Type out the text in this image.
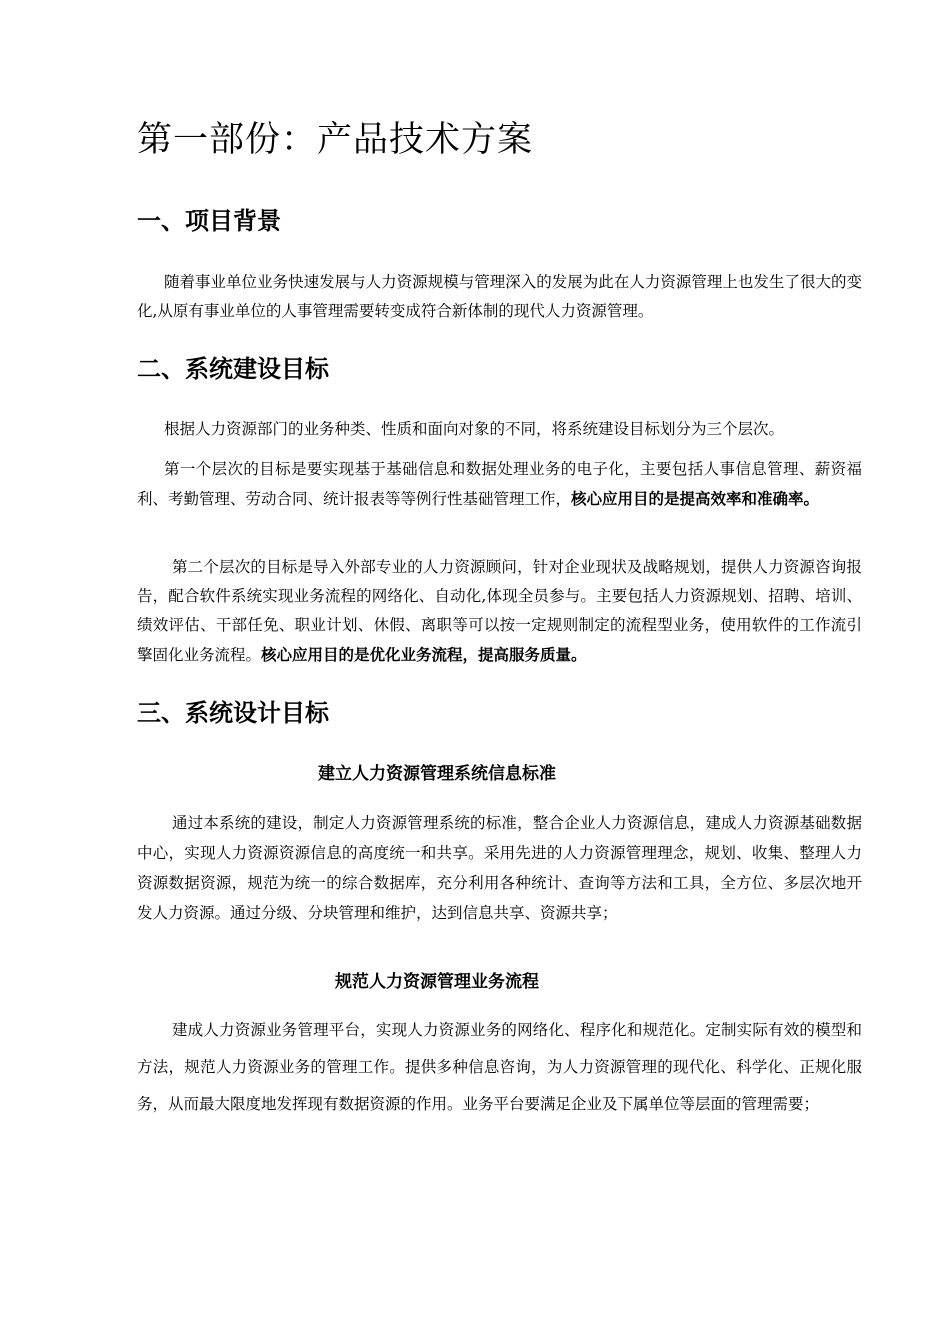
第一部份：产品技术方案
一、项目背景

随着事业单位业务快速发展与人力资源规模与管理深入的发展为此在人力资源管理上也发生了很大的变化,从原有事业单位的人事管理需要转变成符合新体制的现代人力资源管理。

二、系统建设目标

根据人力资源部门的业务种类、性质和面向对象的不同，将系统建设目标划分为三个层次。

第一个层次的目标是要实现基于基础信息和数据处理业务的电子化，主要包括人事信息管理、薪资福利、考勤管理、劳动合同、统计报表等等例行性基础管理工作，核心应用目的是提高效率和准确率。

第二个层次的目标是导入外部专业的人力资源顾问，针对企业现状及战略规划，提供人力资源咨询报告，配合软件系统实现业务流程的网络化、自动化,体现全员参与。主要包括人力资源规划、招聘、培训、绩效评估、干部任免、职业计划、休假、离职等可以按一定规则制定的流程型业务，使用软件的工作流引擎固化业务流程。核心应用目的是优化业务流程，提高服务质量。

三、系统设计目标
建立人力资源管理系统信息标准

通过本系统的建设，制定人力资源管理系统的标准，整合企业人力资源信息，建成人力资源基础数据中心，实现人力资源资源信息的高度统一和共享。采用先进的人力资源管理理念，规划、收集、整理人力资源数据资源，规范为统一的综合数据库，充分利用各种统计、查询等方法和工具，全方位、多层次地开发人力资源。通过分级、分块管理和维护，达到信息共享、资源共享；

规范人力资源管理业务流程

建成人力资源业务管理平台，实现人力资源业务的网络化、程序化和规范化。定制实际有效的模型和方法，规范人力资源业务的管理工作。提供多种信息咨询，为人力资源管理的现代化、科学化、正规化服务，从而最大限度地发挥现有数据资源的作用。业务平台要满足企业及下属单位等层面的管理需要；
